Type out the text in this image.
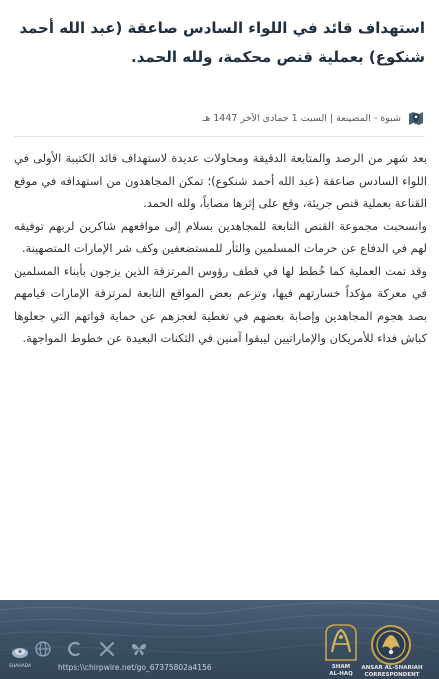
استهداف قائد في اللواء السادس صاعقة (عبد الله أحمد شنكوع) بعملية قنص محكمة، ولله الحمد.
شبوة - المصينعة | السبت 1 جمادى الآخر 1447 هـ

بعد شهر من الرصد والمتابعة الدقيقة ومحاولات عديدة لاستهداف قائد الكتيبة الأولى في اللواء السادس صاعقة (عبد الله أحمد شنكوع)؛ تمكن المجاهدون من استهدافه في موقع القناعة بعملية قنص جريئة، وقع على إثرها مصاباً، ولله الحمد.

وانسحبت مجموعة القنص التابعة للمجاهدين بسلام إلى مواقعهم شاكرين لربهم توفيقه لهم في الدفاع عن حرمات المسلمين والثأر للمستضعفين وكف شر الإمارات المتصهينة.

وقد تمت العملية كما خُطط لها في قطف رؤوس المرتزقة الذين يزجون بأبناء المسلمين في معركة مؤكداً خسارتهم فيها، وتزعم بعض المواقع التابعة لمرتزقة الإمارات قيامهم بصد هجوم المجاهدين وإصابة بعضهم في تغطية لعجزهم عن حماية قواتهم التي جعلوها كباش فداء للأمريكان والإماراتيين ليبقوا آمنين في الثكنات البعيدة عن خطوط المواجهة.

SHAHADA	https:\\chirpwire.net/go_67375802a4156	SHAM
AL-HAQ
ANSAR AL-SHARIAH
CORRESPONDENT
